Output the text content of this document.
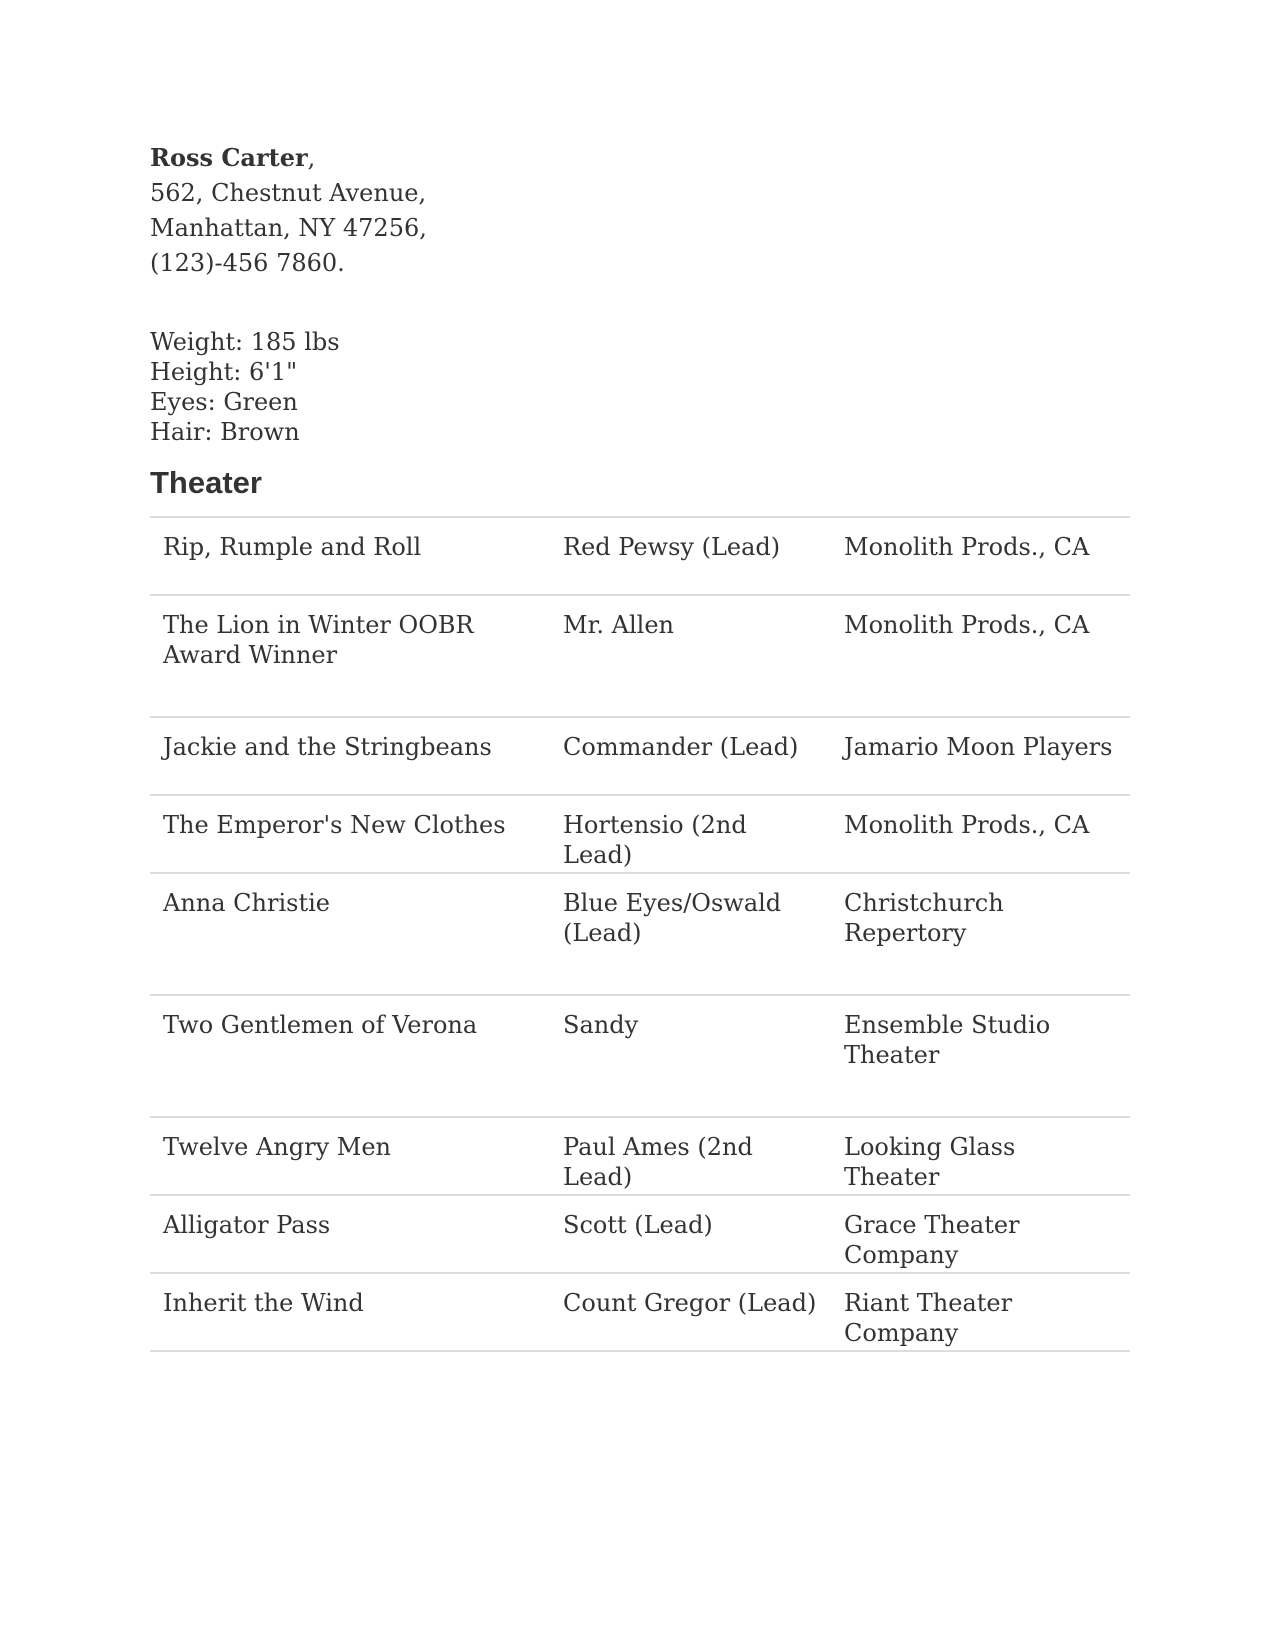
Ross Carter,
562, Chestnut Avenue,
Manhattan, NY 47256,
(123)-456 7860.
Weight: 185 lbs
Height: 6'1"
Eyes: Green
Hair: Brown
Theater
Rip, Rumple and Roll	Red Pewsy (Lead)	Monolith Prods., CA
The Lion in Winter OOBR Award Winner	Mr. Allen	Monolith Prods., CA
Jackie and the Stringbeans	Commander (Lead)	Jamario Moon Players
The Emperor's New Clothes	Hortensio (2nd Lead)	Monolith Prods., CA
Anna Christie	Blue Eyes/Oswald (Lead)	Christchurch Repertory
Two Gentlemen of Verona	Sandy	Ensemble Studio Theater
Twelve Angry Men	Paul Ames (2nd Lead)	Looking Glass Theater
Alligator Pass	Scott (Lead)	Grace Theater Company
Inherit the Wind	Count Gregor (Lead)	Riant Theater Company
